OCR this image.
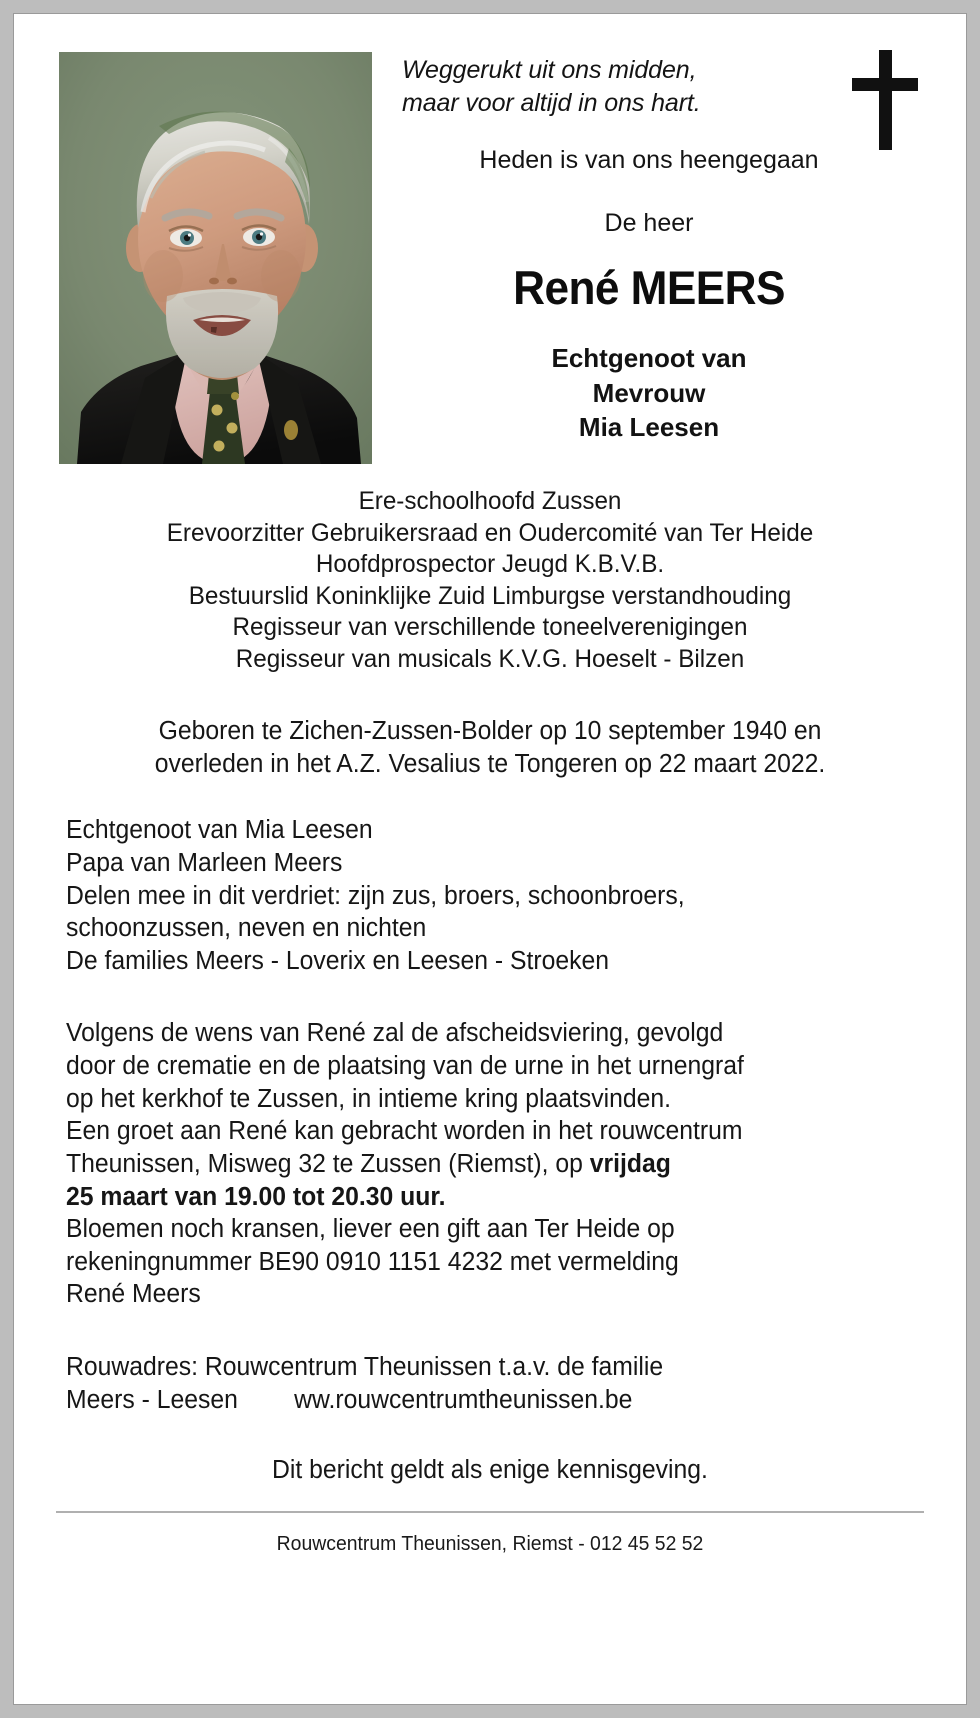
Weggerukt uit ons midden,
maar voor altijd in ons hart.
Heden is van ons heengegaan
De heer
René MEERS
Echtgenoot van
Mevrouw
Mia Leesen
Ere-schoolhoofd Zussen
Erevoorzitter Gebruikersraad en Oudercomité van Ter Heide
Hoofdprospector Jeugd K.B.V.B.
Bestuurslid Koninklijke Zuid Limburgse verstandhouding
Regisseur van verschillende toneelverenigingen
Regisseur van musicals K.V.G. Hoeselt - Bilzen
Geboren te Zichen-Zussen-Bolder op 10 september 1940 en
overleden in het A.Z. Vesalius te Tongeren op 22 maart 2022.
Echtgenoot van Mia Leesen
Papa van Marleen Meers
Delen mee in dit verdriet: zijn zus, broers, schoonbroers,
schoonzussen, neven en nichten
De families Meers - Loverix en Leesen - Stroeken
Volgens de wens van René zal de afscheidsviering, gevolgd
door de crematie en de plaatsing van de urne in het urnengraf
op het kerkhof te Zussen, in intieme kring plaatsvinden.
Een groet aan René kan gebracht worden in het rouwcentrum
Theunissen, Misweg 32 te Zussen (Riemst), op vrijdag
25 maart van 19.00 tot 20.30 uur.
Bloemen noch kransen, liever een gift aan Ter Heide op
rekeningnummer BE90 0910 1151 4232 met vermelding
René Meers
Rouwadres: Rouwcentrum Theunissen t.a.v. de familie
Meers - Leesen ww.rouwcentrumtheunissen.be
Dit bericht geldt als enige kennisgeving.
Rouwcentrum Theunissen, Riemst - 012 45 52 52
